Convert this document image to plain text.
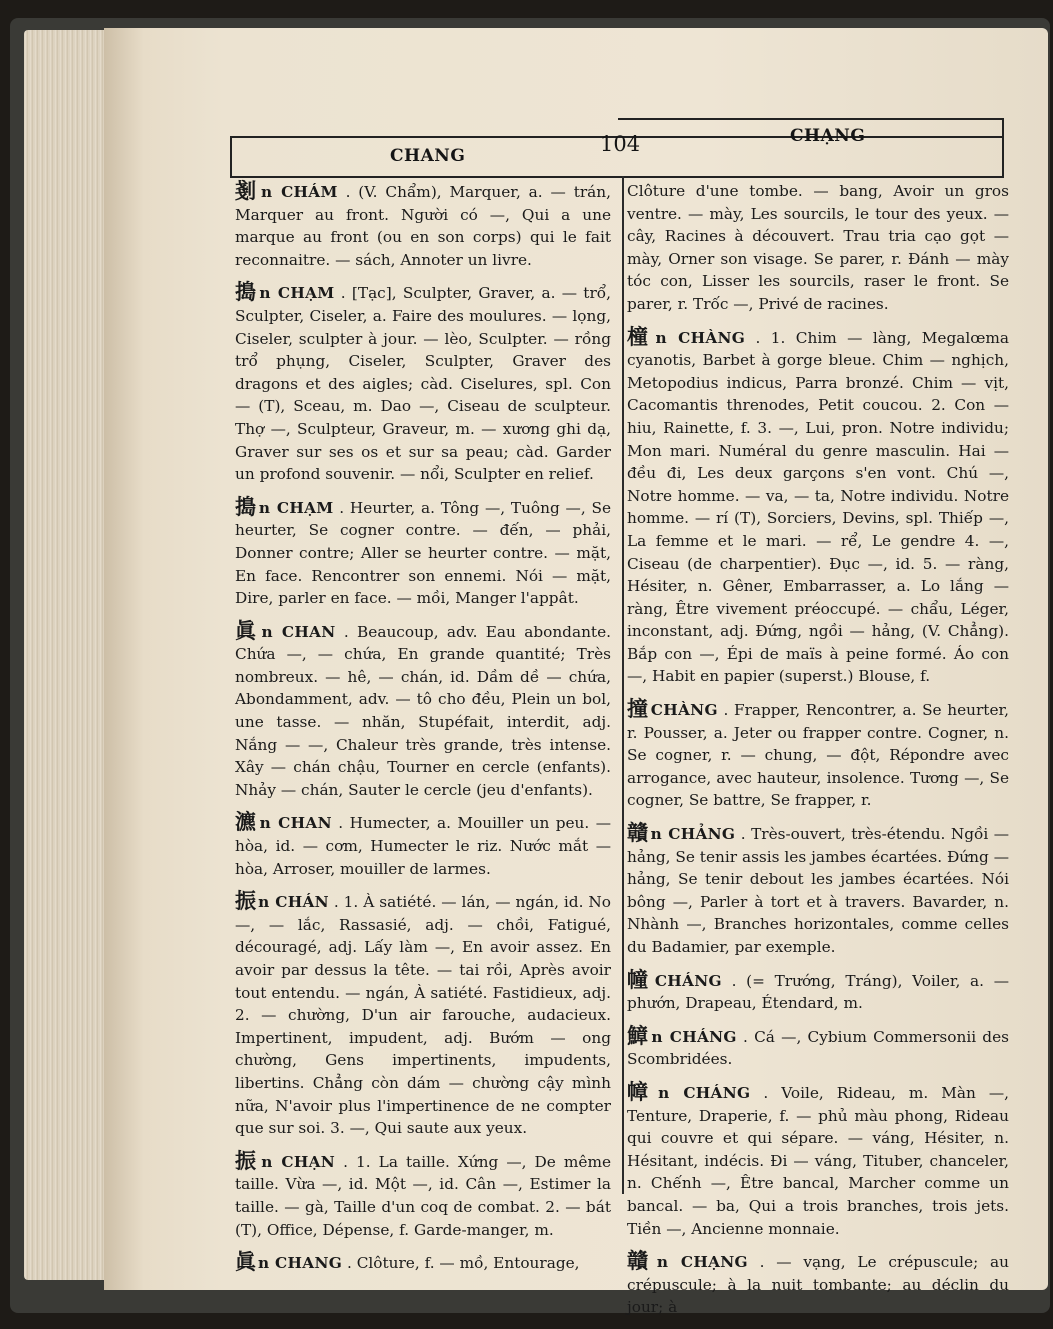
CHANG	104	CHẠNG

剗 n CHÁM . (V. Chẩm), Marquer, a. — trán, Marquer au front. Người có —, Qui a une marque au front (ou en son corps) qui le fait reconnaitre. — sách, Annoter un livre.

搗 n CHẠM . [Tạc], Sculpter, Graver, a. — trổ, Sculpter, Ciseler, a. Faire des moulures. — lọng, Ciseler, sculpter à jour. — lèo, Sculpter. — rồng trổ phụng, Ciseler, Sculpter, Graver des dragons et des aigles; càd. Ciselures, spl. Con — (T), Sceau, m. Dao —, Ciseau de sculpteur. Thợ —, Sculpteur, Graveur, m. — xương ghi dạ, Graver sur ses os et sur sa peau; càd. Garder un profond souvenir. — nổi, Sculpter en relief.

搗 n CHẠM . Heurter, a. Tông —, Tuông —, Se heurter, Se cogner contre. — đến, — phải, Donner contre; Aller se heurter contre. — mặt, En face. Rencontrer son ennemi. Nói — mặt, Dire, parler en face. — mồi, Manger l'appât.

眞 n CHAN . Beaucoup, adv. Eau abondante. Chứa —, — chứa, En grande quantité; Très nombreux. — hê, — chán, id. Dầm dề — chứa, Abondamment, adv. — tô cho đều, Plein un bol, une tasse. — nhăn, Stupéfait, interdit, adj. Nắng — —, Chaleur très grande, très intense. Xây — chán chậu, Tourner en cercle (enfants). Nhảy — chán, Sauter le cercle (jeu d'enfants).

瀌 n CHAN . Humecter, a. Mouiller un peu. — hòa, id. — cơm, Humecter le riz. Nước mắt — hòa, Arroser, mouiller de larmes.

振 n CHÁN . 1. À satiété. — lán, — ngán, id. No —, — lắc, Rassasié, adj. — chồi, Fatigué, découragé, adj. Lấy làm —, En avoir assez. En avoir par dessus la tête. — tai rồi, Après avoir tout entendu. — ngán, À satiété. Fastidieux, adj. 2. — chường, D'un air farouche, audacieux. Impertinent, impudent, adj. Bướm — ong chường, Gens impertinents, impudents, libertins. Chẳng còn dám — chường cậy mình nữa, N'avoir plus l'impertinence de ne compter que sur soi. 3. —, Qui saute aux yeux.

振 n CHẠN . 1. La taille. Xứng —, De même taille. Vừa —, id. Một —, id. Cân —, Estimer la taille. — gà, Taille d'un coq de combat. 2. — bát (T), Office, Dépense, f. Garde-manger, m.

眞 n CHANG . Clôture, f. — mồ, Entourage,

Clôture d'une tombe. — bang, Avoir un gros ventre. — mày, Les sourcils, le tour des yeux. — cây, Racines à découvert. Trau tria cạo gọt — mày, Orner son visage. Se parer, r. Đánh — mày tóc con, Lisser les sourcils, raser le front. Se parer, r. Trốc —, Privé de racines.

橦 n CHÀNG . 1. Chim — làng, Megalœma cyanotis, Barbet à gorge bleue. Chim — nghịch, Metopodius indicus, Parra bronzé. Chim — vịt, Cacomantis threnodes, Petit coucou. 2. Con — hiu, Rainette, f. 3. —, Lui, pron. Notre individu; Mon mari. Numéral du genre masculin. Hai — đều đi, Les deux garçons s'en vont. Chú —, Notre homme. — va, — ta, Notre individu. Notre homme. — rí (T), Sorciers, Devins, spl. Thiếp —, La femme et le mari. — rể, Le gendre 4. —, Ciseau (de charpentier). Đục —, id. 5. — ràng, Hésiter, n. Gêner, Embarrasser, a. Lo lắng — ràng, Être vivement préoccupé. — chẩu, Léger, inconstant, adj. Đứng, ngồi — hảng, (V. Chẳng). Bắp con —, Épi de maïs à peine formé. Áo con —, Habit en papier (superst.) Blouse, f.

撞 CHÀNG . Frapper, Rencontrer, a. Se heurter, r. Pousser, a. Jeter ou frapper contre. Cogner, n. Se cogner, r. — chung, — đột, Répondre avec arrogance, avec hauteur, insolence. Tương —, Se cogner, Se battre, Se frapper, r.

贛 n CHẢNG . Très-ouvert, très-étendu. Ngồi — hảng, Se tenir assis les jambes écartées. Đứng — hảng, Se tenir debout les jambes écartées. Nói bông —, Parler à tort et à travers. Bavarder, n. Nhành —, Branches horizontales, comme celles du Badamier, par exemple.

幢 CHÁNG . (= Trướng, Tráng), Voiler, a. — phướn, Drapeau, Étendard, m.

鱆 n CHÁNG . Cá —, Cybium Commersonii des Scombridées.

幛 n CHÁNG . Voile, Rideau, m. Màn —, Tenture, Draperie, f. — phủ màu phong, Rideau qui couvre et qui sépare. — váng, Hésiter, n. Hésitant, indécis. Đi — váng, Tituber, chanceler, n. Chếnh —, Être bancal, Marcher comme un bancal. — ba, Qui a trois branches, trois jets. Tiền —, Ancienne monnaie.

贛 n CHẠNG . — vạng, Le crépuscule; au crépuscule; à la nuit tombante; au déclin du jour; à
